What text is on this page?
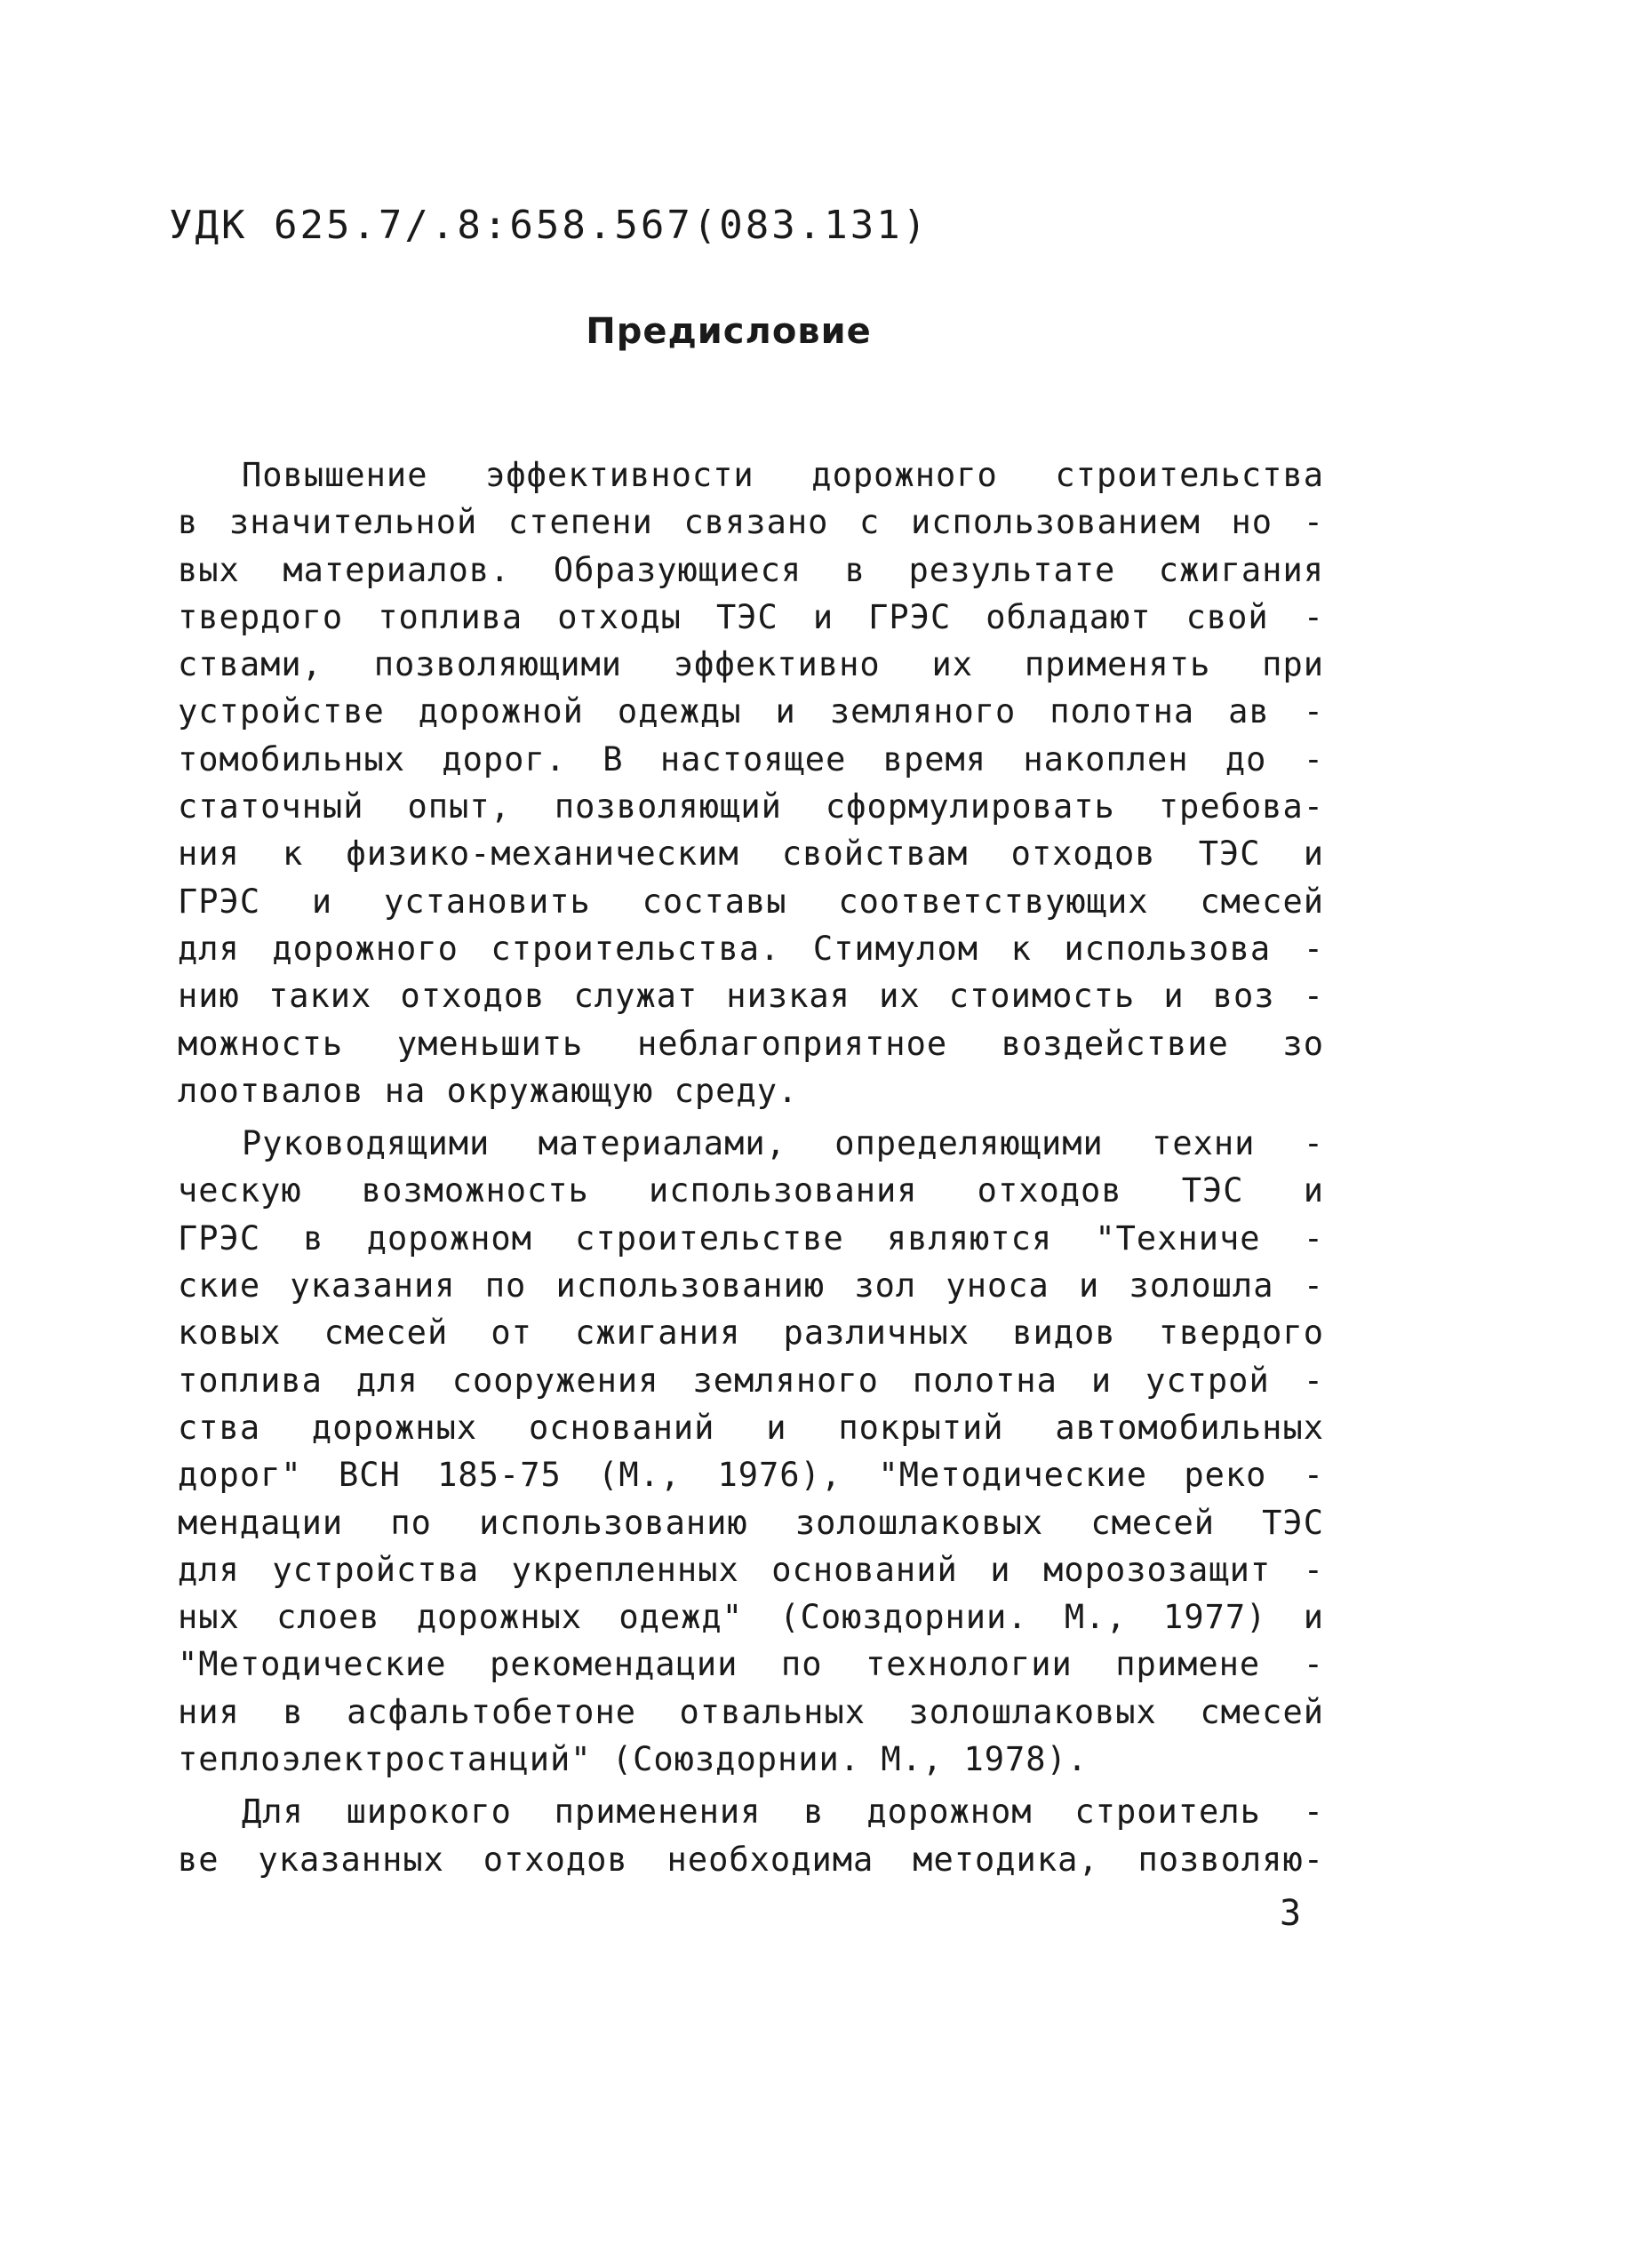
УДК 625.7/.8:658.567(083.131)
Предисловие
Повышение эффективности дорожного строительства
в значительной степени связано с использованием но -
вых материалов. Образующиеся в результате сжигания
твердого топлива отходы ТЭС и ГРЭС обладают свой -
ствами, позволяющими эффективно их применять при
устройстве дорожной одежды и земляного полотна ав -
томобильных дорог. В настоящее время накоплен до -
статочный опыт, позволяющий сформулировать требова-
ния к физико-механическим свойствам отходов ТЭС и
ГРЭС и установить составы соответствующих смесей
для дорожного строительства. Стимулом к использова -
нию таких отходов служат низкая их стоимость и воз -
можность уменьшить неблагоприятное воздействие зо
лоотвалов на окружающую среду.
Руководящими материалами, определяющими техни -
ческую возможность использования отходов ТЭС и
ГРЭС в дорожном строительстве являются "Техниче -
ские указания по использованию зол уноса и золошла -
ковых смесей от сжигания различных видов твердого
топлива для сооружения земляного полотна и устрой -
ства дорожных оснований и покрытий автомобильных
дорог" ВСН 185-75 (М., 1976), "Методические реко -
мендации по использованию золошлаковых смесей ТЭС
для устройства укрепленных оснований и морозозащит -
ных слоев дорожных одежд" (Союздорнии. М., 1977) и
"Методические рекомендации по технологии примене -
ния в асфальтобетоне отвальных золошлаковых смесей
теплоэлектростанций" (Союздорнии. М., 1978).
Для широкого применения в дорожном строитель -
ве указанных отходов необходима методика, позволяю-
3
